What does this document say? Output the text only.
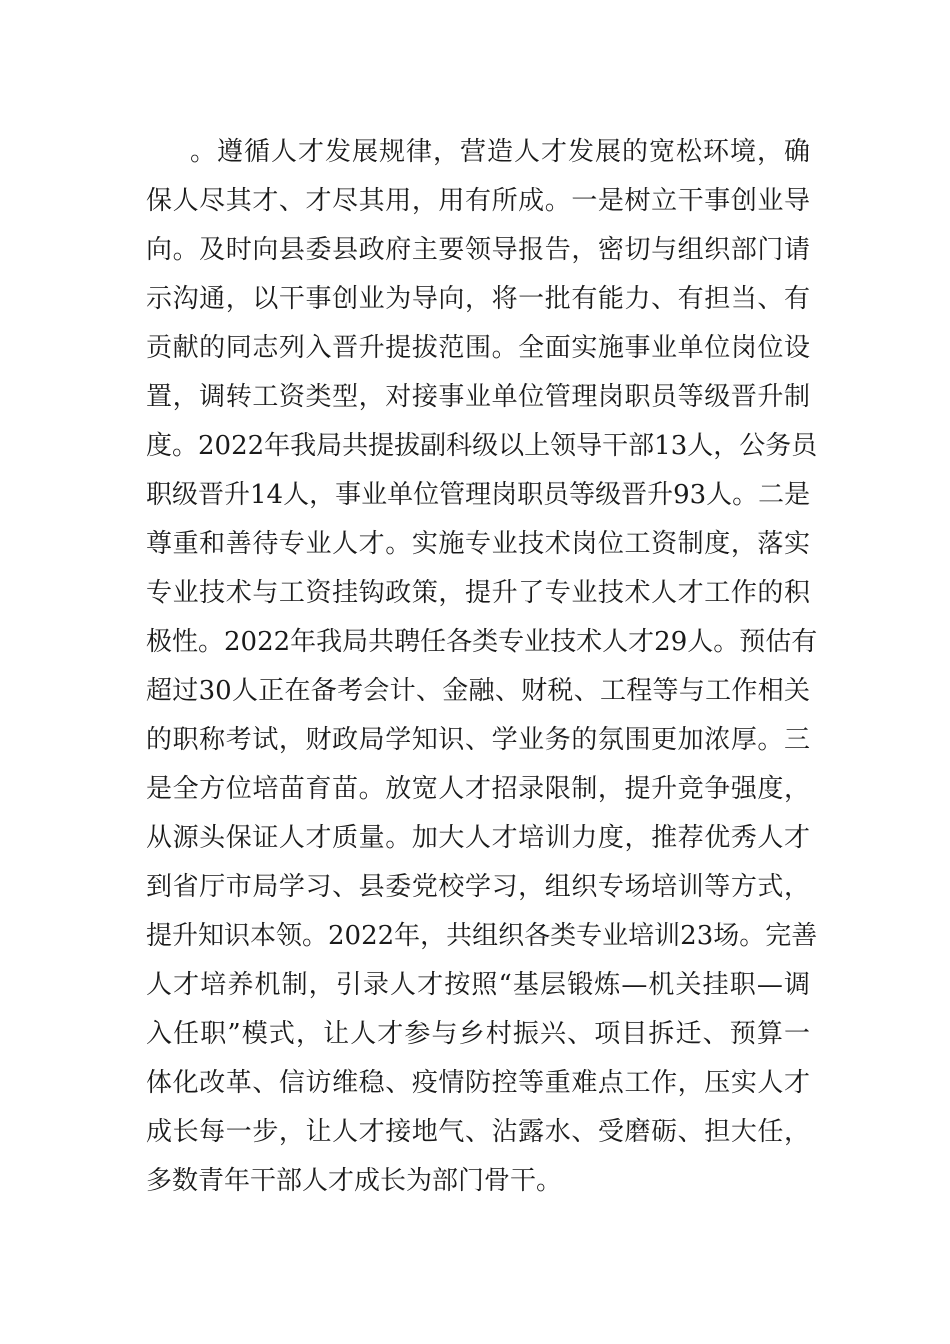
。遵循人才发展规律，营造人才发展的宽松环境，确
保人尽其才、才尽其用，用有所成。一是树立干事创业导
向。及时向县委县政府主要领导报告，密切与组织部门请
示沟通，以干事创业为导向，将一批有能力、有担当、有
贡献的同志列入晋升提拔范围。全面实施事业单位岗位设
置，调转工资类型，对接事业单位管理岗职员等级晋升制
度。2022年我局共提拔副科级以上领导干部13人，公务员
职级晋升14人，事业单位管理岗职员等级晋升93人。二是
尊重和善待专业人才。实施专业技术岗位工资制度，落实
专业技术与工资挂钩政策，提升了专业技术人才工作的积
极性。2022年我局共聘任各类专业技术人才29人。预估有
超过30人正在备考会计、金融、财税、工程等与工作相关
的职称考试，财政局学知识、学业务的氛围更加浓厚。三
是全方位培苗育苗。放宽人才招录限制，提升竞争强度，
从源头保证人才质量。加大人才培训力度，推荐优秀人才
到省厅市局学习、县委党校学习，组织专场培训等方式，
提升知识本领。2022年，共组织各类专业培训23场。完善
人才培养机制，引录人才按照“基层锻炼—机关挂职—调
入任职”模式，让人才参与乡村振兴、项目拆迁、预算一
体化改革、信访维稳、疫情防控等重难点工作，压实人才
成长每一步，让人才接地气、沾露水、受磨砺、担大任，
多数青年干部人才成长为部门骨干。
